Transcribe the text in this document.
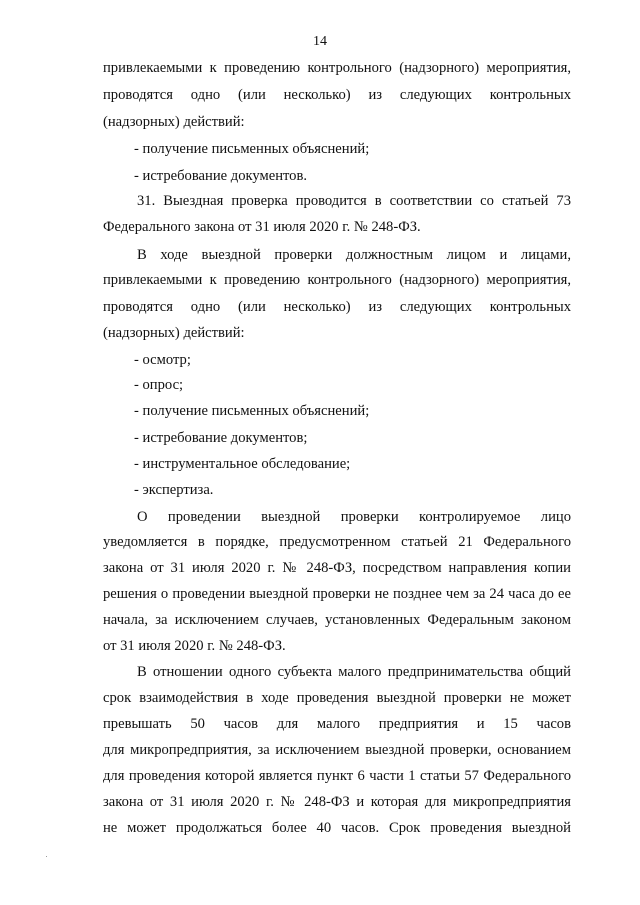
14
привлекаемыми к проведению контрольного (надзорного) мероприятия,
проводятся одно (или несколько) из следующих контрольных
(надзорных) действий:
- получение письменных объяснений;
- истребование документов.
31. Выездная проверка проводится в соответствии со статьей 73
Федерального закона от 31 июля 2020 г. № 248-ФЗ.
В ходе выездной проверки должностным лицом и лицами,
привлекаемыми к проведению контрольного (надзорного) мероприятия,
проводятся одно (или несколько) из следующих контрольных
(надзорных) действий:
- осмотр;
- опрос;
- получение письменных объяснений;
- истребование документов;
- инструментальное обследование;
- экспертиза.
О проведении выездной проверки контролируемое лицо
уведомляется в порядке, предусмотренном статьей 21 Федерального
закона от 31 июля 2020 г. № 248-ФЗ, посредством направления копии
решения о проведении выездной проверки не позднее чем за 24 часа до ее
начала, за исключением случаев, установленных Федеральным законом
от 31 июля 2020 г. № 248-ФЗ.
В отношении одного субъекта малого предпринимательства общий
срок взаимодействия в ходе проведения выездной проверки не может
превышать 50 часов для малого предприятия и 15 часов
для микропредприятия, за исключением выездной проверки, основанием
для проведения которой является пункт 6 части 1 статьи 57 Федерального
закона от 31 июля 2020 г. № 248-ФЗ и которая для микропредприятия
не может продолжаться более 40 часов. Срок проведения выездной
